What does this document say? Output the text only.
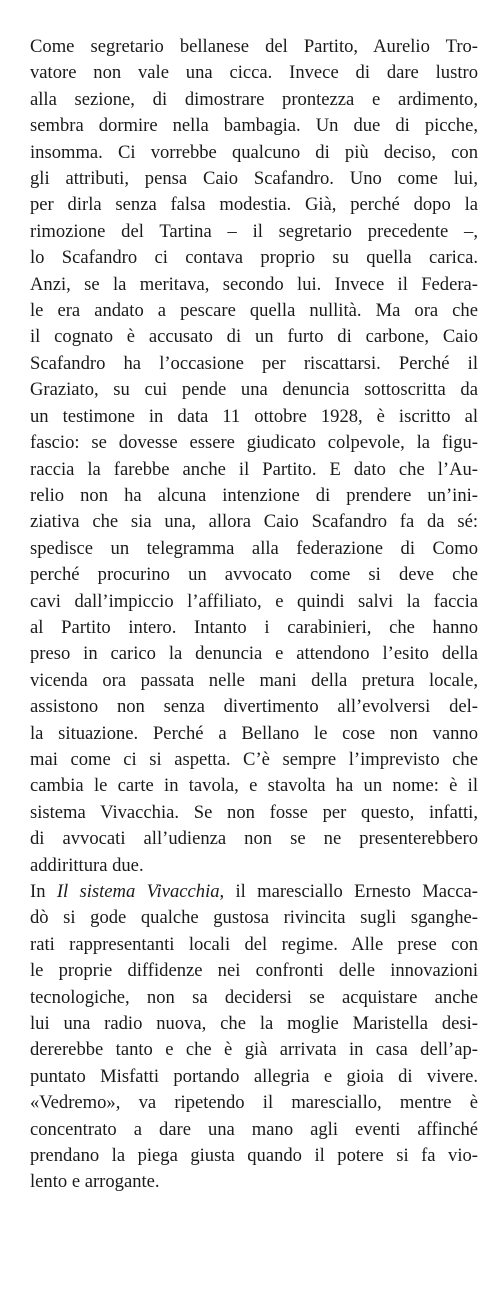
Come segretario bellanese del Partito, Aurelio Tro-
vatore non vale una cicca. Invece di dare lustro
alla sezione, di dimostrare prontezza e ardimento,
sembra dormire nella bambagia. Un due di picche,
insomma. Ci vorrebbe qualcuno di più deciso, con
gli attributi, pensa Caio Scafandro. Uno come lui,
per dirla senza falsa modestia. Già, perché dopo la
rimozione del Tartina – il segretario precedente –,
lo Scafandro ci contava proprio su quella carica.
Anzi, se la meritava, secondo lui. Invece il Federa-
le era andato a pescare quella nullità. Ma ora che
il cognato è accusato di un furto di carbone, Caio
Scafandro ha l’occasione per riscattarsi. Perché il
Graziato, su cui pende una denuncia sottoscritta da
un testimone in data 11 ottobre 1928, è iscritto al
fascio: se dovesse essere giudicato colpevole, la figu-
raccia la farebbe anche il Partito. E dato che l’Au-
relio non ha alcuna intenzione di prendere un’ini-
ziativa che sia una, allora Caio Scafandro fa da sé:
spedisce un telegramma alla federazione di Como
perché procurino un avvocato come si deve che
cavi dall’impiccio l’affiliato, e quindi salvi la faccia
al Partito intero. Intanto i carabinieri, che hanno
preso in carico la denuncia e attendono l’esito della
vicenda ora passata nelle mani della pretura locale,
assistono non senza divertimento all’evolversi del-
la situazione. Perché a Bellano le cose non vanno
mai come ci si aspetta. C’è sempre l’imprevisto che
cambia le carte in tavola, e stavolta ha un nome: è il
sistema Vivacchia. Se non fosse per questo, infatti,
di avvocati all’udienza non se ne presenterebbero
addirittura due.
In Il sistema Vivacchia, il maresciallo Ernesto Macca-
dò si gode qualche gustosa rivincita sugli sganghe-
rati rappresentanti locali del regime. Alle prese con
le proprie diffidenze nei confronti delle innovazioni
tecnologiche, non sa decidersi se acquistare anche
lui una radio nuova, che la moglie Maristella desi-
dererebbe tanto e che è già arrivata in casa dell’ap-
puntato Misfatti portando allegria e gioia di vivere.
«Vedremo», va ripetendo il maresciallo, mentre è
concentrato a dare una mano agli eventi affinché
prendano la piega giusta quando il potere si fa vio-
lento e arrogante.
